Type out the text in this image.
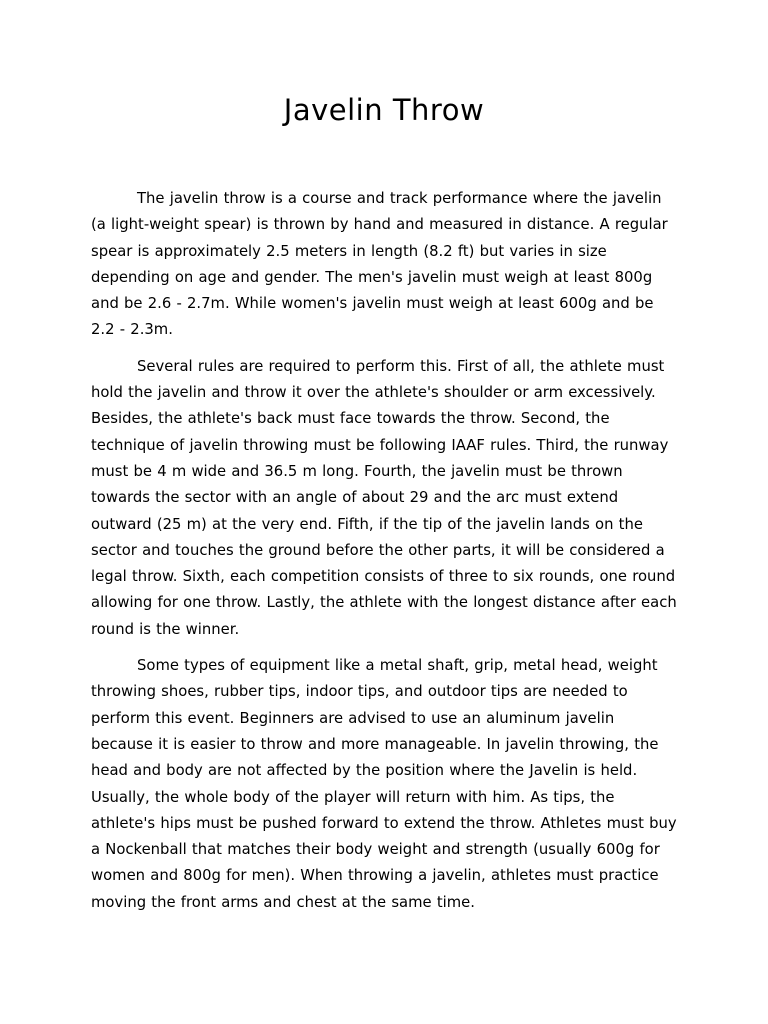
Javelin Throw

The javelin throw is a course and track performance where the javelin (a light-weight spear) is thrown by hand and measured in distance. A regular spear is approximately 2.5 meters in length (8.2 ft) but varies in size depending on age and gender. The men's javelin must weigh at least 800g and be 2.6 - 2.7m. While women's javelin must weigh at least 600g and be 2.2 - 2.3m.

Several rules are required to perform this. First of all, the athlete must hold the javelin and throw it over the athlete's shoulder or arm excessively. Besides, the athlete's back must face towards the throw. Second, the technique of javelin throwing must be following IAAF rules. Third, the runway must be 4 m wide and 36.5 m long. Fourth, the javelin must be thrown towards the sector with an angle of about 29 and the arc must extend outward (25 m) at the very end. Fifth, if the tip of the javelin lands on the sector and touches the ground before the other parts, it will be considered a legal throw. Sixth, each competition consists of three to six rounds, one round allowing for one throw. Lastly, the athlete with the longest distance after each round is the winner.

Some types of equipment like a metal shaft, grip, metal head, weight throwing shoes, rubber tips, indoor tips, and outdoor tips are needed to perform this event. Beginners are advised to use an aluminum javelin because it is easier to throw and more manageable. In javelin throwing, the head and body are not affected by the position where the Javelin is held. Usually, the whole body of the player will return with him. As tips, the athlete's hips must be pushed forward to extend the throw. Athletes must buy a Nockenball that matches their body weight and strength (usually 600g for women and 800g for men). When throwing a javelin, athletes must practice moving the front arms and chest at the same time.
